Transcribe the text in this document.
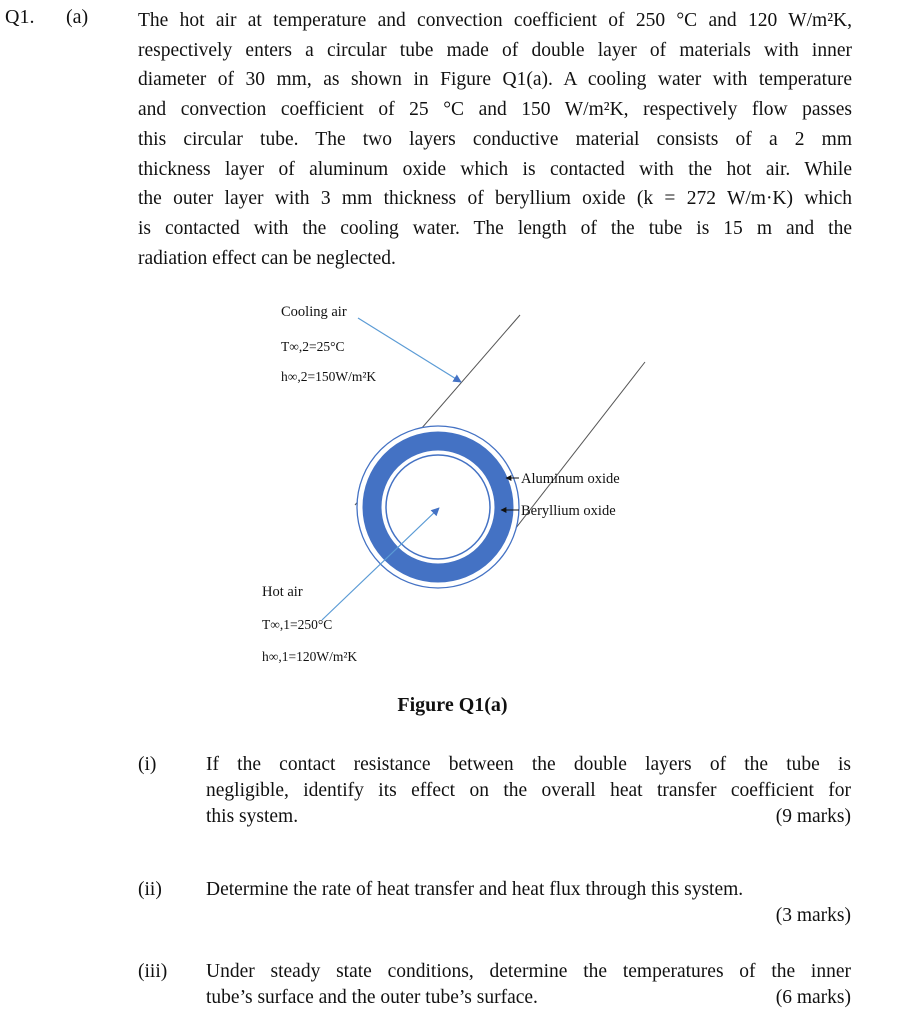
Q1. (a)	The hot air at temperature and convection coefficient of 250 °C and 120 W/m²K,
respectively enters a circular tube made of double layer of materials with inner
diameter of 30 mm, as shown in Figure Q1(a). A cooling water with temperature
and convection coefficient of 25 °C and 150 W/m²K, respectively flow passes
this circular tube. The two layers conductive material consists of a 2 mm
thickness layer of aluminum oxide which is contacted with the hot air. While
the outer layer with 3 mm thickness of beryllium oxide (k = 272 W/m·K) which
is contacted with the cooling water. The length of the tube is 15 m and the
radiation effect can be neglected.

Cooling air
T∞,2=25°C
h∞,2=150W/m²K
Aluminum oxide
Beryllium oxide
Hot air
T∞,1=250°C
h∞,1=120W/m²K
Figure Q1(a)
(i)	If the contact resistance between the double layers of the tube is
negligible, identify its effect on the overall heat transfer coefficient for
this system.	(9 marks)
(ii) Determine the rate of heat transfer and heat flux through this system.
(3 marks)
(iii) Under steady state conditions, determine the temperatures of the inner
tube’s surface and the outer tube’s surface.	(6 marks)
